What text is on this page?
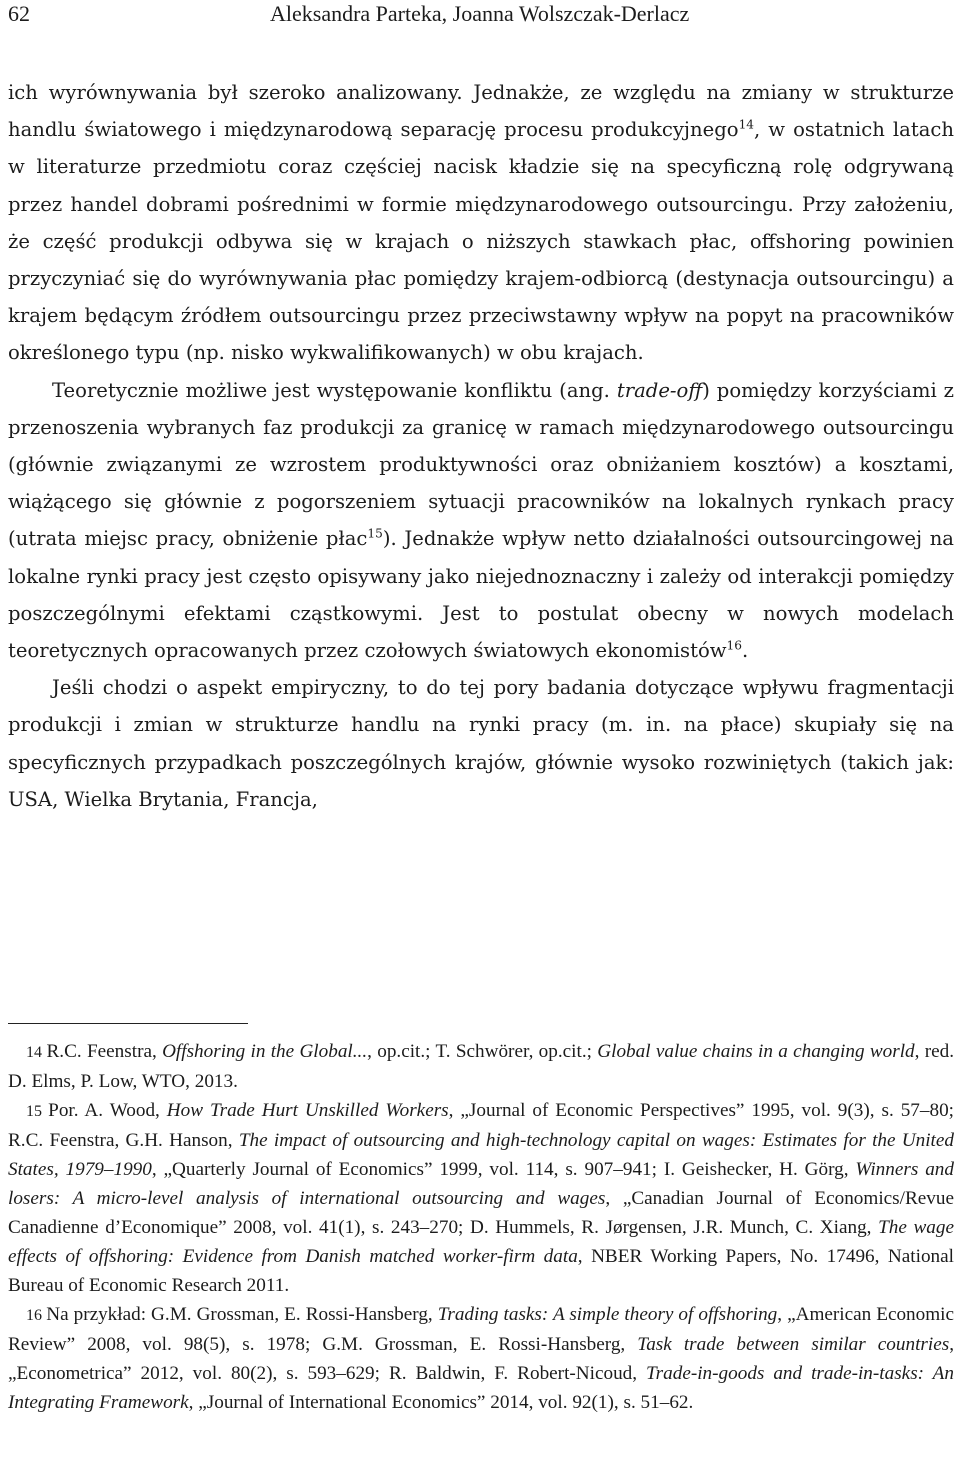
62	Aleksandra Parteka, Joanna Wolszczak-Derlacz

ich wyrównywania był szeroko analizowany. Jednakże, ze względu na zmiany w strukturze handlu światowego i międzynarodową separację procesu produkcyjnego$^{14}$, w ostatnich latach w literaturze przedmiotu coraz częściej nacisk kładzie się na specyficzną rolę odgrywaną przez handel dobrami pośrednimi w formie międzynarodowego outsourcingu. Przy założeniu, że część produkcji odbywa się w krajach o niższych stawkach płac, offshoring powinien przyczyniać się do wyrównywania płac pomiędzy krajem-odbiorcą (destynacja outsourcingu) a krajem będącym źródłem outsourcingu przez przeciwstawny wpływ na popyt na pracowników określonego typu (np. nisko wykwalifikowanych) w obu krajach.

Teoretycznie możliwe jest występowanie konfliktu (ang. trade-off) pomiędzy korzyściami z przenoszenia wybranych faz produkcji za granicę w ramach międzynarodowego outsourcingu (głównie związanymi ze wzrostem produktywności oraz obniżaniem kosztów) a kosztami, wiążącego się głównie z pogorszeniem sytuacji pracowników na lokalnych rynkach pracy (utrata miejsc pracy, obniżenie płac$^{15}$). Jednakże wpływ netto działalności outsourcingowej na lokalne rynki pracy jest często opisywany jako niejednoznaczny i zależy od interakcji pomiędzy poszczególnymi efektami cząstkowymi. Jest to postulat obecny w nowych modelach teoretycznych opracowanych przez czołowych światowych ekonomistów$^{16}$.

Jeśli chodzi o aspekt empiryczny, to do tej pory badania dotyczące wpływu fragmentacji produkcji i zmian w strukturze handlu na rynki pracy (m. in. na płace) skupiały się na specyficznych przypadkach poszczególnych krajów, głównie wysoko rozwiniętych (takich jak: USA, Wielka Brytania, Francja,

14 R.C. Feenstra, Offshoring in the Global..., op.cit.; T. Schwörer, op.cit.; Global value chains in a changing world, red. D. Elms, P. Low, WTO, 2013.

15 Por. A. Wood, How Trade Hurt Unskilled Workers, „Journal of Economic Perspectives” 1995, vol. 9(3), s. 57–80; R.C. Feenstra, G.H. Hanson, The impact of outsourcing and high-technology capital on wages: Estimates for the United States, 1979–1990, „Quarterly Journal of Economics” 1999, vol. 114, s. 907–941; I. Geishecker, H. Görg, Winners and losers: A micro-level analysis of international outsourcing and wages, „Canadian Journal of Economics/Revue Canadienne d’Economique” 2008, vol. 41(1), s. 243–270; D. Hummels, R. Jørgensen, J.R. Munch, C. Xiang, The wage effects of offshoring: Evidence from Danish matched worker-firm data, NBER Working Papers, No. 17496, National Bureau of Economic Research 2011.

16 Na przykład: G.M. Grossman, E. Rossi-Hansberg, Trading tasks: A simple theory of offshoring, „American Economic Review” 2008, vol. 98(5), s. 1978; G.M. Grossman, E. Rossi-Hansberg, Task trade between similar countries, „Econometrica” 2012, vol. 80(2), s. 593–629; R. Baldwin, F. Robert-Nicoud, Trade-in-goods and trade-in-tasks: An Integrating Framework, „Journal of International Economics” 2014, vol. 92(1), s. 51–62.
